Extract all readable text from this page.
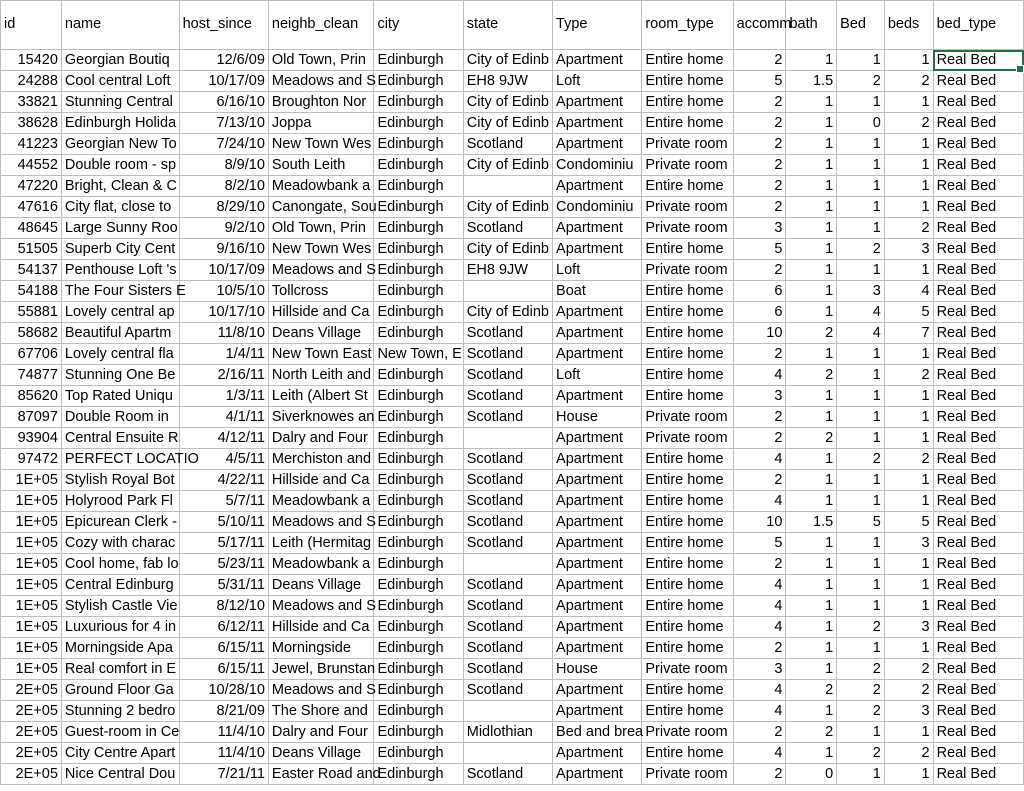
id	name	host_since	neighb_clean	city	state	Type	room_type	accomm	bath	Bed	beds	bed_type
15420	Georgian Boutiq	12/6/09	Old Town, Prin	Edinburgh	City of Edinb	Apartment	Entire home	2	1	1	1	Real Bed
24288	Cool central Loft	10/17/09	Meadows and S	Edinburgh	EH8 9JW	Loft	Entire home	5	1.5	2	2	Real Bed
33821	Stunning Central	6/16/10	Broughton Nor	Edinburgh	City of Edinb	Apartment	Entire home	2	1	1	1	Real Bed
38628	Edinburgh Holida	7/13/10	Joppa	Edinburgh	City of Edinb	Apartment	Entire home	2	1	0	2	Real Bed
41223	Georgian New To	7/24/10	New Town Wes	Edinburgh	Scotland	Apartment	Private room	2	1	1	1	Real Bed
44552	Double room - sp	8/9/10	South Leith	Edinburgh	City of Edinb	Condominiu	Private room	2	1	1	1	Real Bed
47220	Bright, Clean & C	8/2/10	Meadowbank a	Edinburgh		Apartment	Entire home	2	1	1	1	Real Bed
47616	City flat, close to	8/29/10	Canongate, Sou	Edinburgh	City of Edinb	Condominiu	Private room	2	1	1	1	Real Bed
48645	Large Sunny Roo	9/2/10	Old Town, Prin	Edinburgh	Scotland	Apartment	Private room	3	1	1	2	Real Bed
51505	Superb City Cent	9/16/10	New Town Wes	Edinburgh	City of Edinb	Apartment	Entire home	5	1	2	3	Real Bed
54137	Penthouse Loft 's	10/17/09	Meadows and S	Edinburgh	EH8 9JW	Loft	Private room	2	1	1	1	Real Bed
54188	The Four Sisters E	10/5/10	Tollcross	Edinburgh		Boat	Entire home	6	1	3	4	Real Bed
55881	Lovely central ap	10/17/10	Hillside and Ca	Edinburgh	City of Edinb	Apartment	Entire home	6	1	4	5	Real Bed
58682	Beautiful Apartm	11/8/10	Deans Village	Edinburgh	Scotland	Apartment	Entire home	10	2	4	7	Real Bed
67706	Lovely central fla	1/4/11	New Town East	New Town, E	Scotland	Apartment	Entire home	2	1	1	1	Real Bed
74877	Stunning One Be	2/16/11	North Leith and	Edinburgh	Scotland	Loft	Entire home	4	2	1	2	Real Bed
85620	Top Rated Uniqu	1/3/11	Leith (Albert St	Edinburgh	Scotland	Apartment	Entire home	3	1	1	1	Real Bed
87097	Double Room in	4/1/11	Siverknowes an	Edinburgh	Scotland	House	Private room	2	1	1	1	Real Bed
93904	Central Ensuite R	4/12/11	Dalry and Four	Edinburgh		Apartment	Private room	2	2	1	1	Real Bed
97472	PERFECT LOCATIO	4/5/11	Merchiston and	Edinburgh	Scotland	Apartment	Entire home	4	1	2	2	Real Bed
1E+05	Stylish Royal Bot	4/22/11	Hillside and Ca	Edinburgh	Scotland	Apartment	Entire home	2	1	1	1	Real Bed
1E+05	Holyrood Park Fl	5/7/11	Meadowbank a	Edinburgh	Scotland	Apartment	Entire home	4	1	1	1	Real Bed
1E+05	Epicurean Clerk -	5/10/11	Meadows and S	Edinburgh	Scotland	Apartment	Entire home	10	1.5	5	5	Real Bed
1E+05	Cozy with charac	5/17/11	Leith (Hermitag	Edinburgh	Scotland	Apartment	Entire home	5	1	1	3	Real Bed
1E+05	Cool home, fab lo	5/23/11	Meadowbank a	Edinburgh		Apartment	Entire home	2	1	1	1	Real Bed
1E+05	Central Edinburg	5/31/11	Deans Village	Edinburgh	Scotland	Apartment	Entire home	4	1	1	1	Real Bed
1E+05	Stylish Castle Vie	8/12/10	Meadows and S	Edinburgh	Scotland	Apartment	Entire home	4	1	1	1	Real Bed
1E+05	Luxurious for 4 in	6/12/11	Hillside and Ca	Edinburgh	Scotland	Apartment	Entire home	4	1	2	3	Real Bed
1E+05	Morningside Apa	6/15/11	Morningside	Edinburgh	Scotland	Apartment	Entire home	2	1	1	1	Real Bed
1E+05	Real comfort in E	6/15/11	Jewel, Brunstan	Edinburgh	Scotland	House	Private room	3	1	2	2	Real Bed
2E+05	Ground Floor Ga	10/28/10	Meadows and S	Edinburgh	Scotland	Apartment	Entire home	4	2	2	2	Real Bed
2E+05	Stunning 2 bedro	8/21/09	The Shore and	Edinburgh		Apartment	Entire home	4	1	2	3	Real Bed
2E+05	Guest-room in Ce	11/4/10	Dalry and Four	Edinburgh	Midlothian	Bed and brea	Private room	2	2	1	1	Real Bed
2E+05	City Centre Apart	11/4/10	Deans Village	Edinburgh		Apartment	Entire home	4	1	2	2	Real Bed
2E+05	Nice Central Dou	7/21/11	Easter Road and	Edinburgh	Scotland	Apartment	Private room	2	0	1	1	Real Bed
